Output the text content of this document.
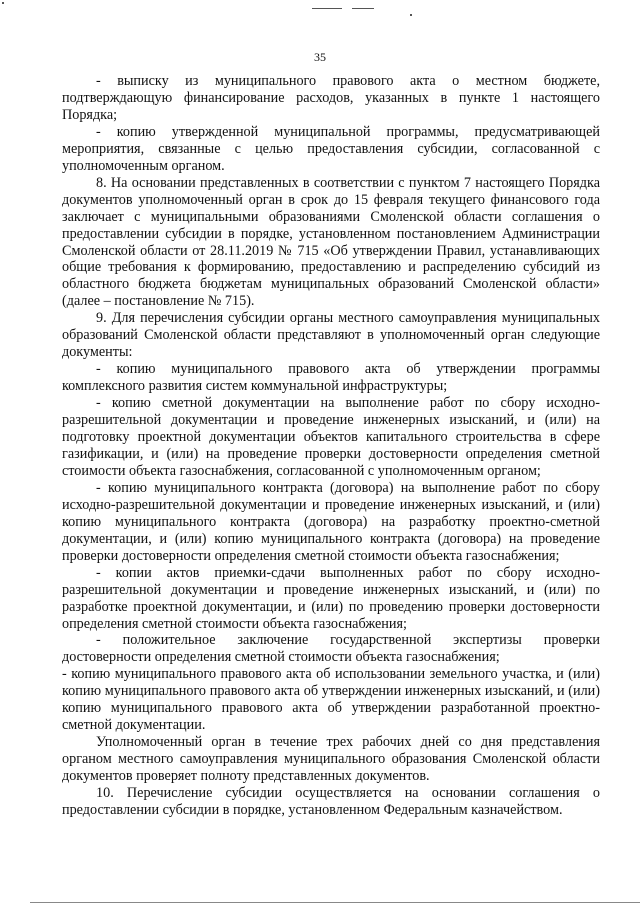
35

- выписку из муниципального правового акта о местном бюджете, подтверждающую финансирование расходов, указанных в пункте 1 настоящего Порядка;

- копию утвержденной муниципальной программы, предусматривающей мероприятия, связанные с целью предоставления субсидии, согласованной с уполномоченным органом.

8. На основании представленных в соответствии с пунктом 7 настоящего Порядка документов уполномоченный орган в срок до 15 февраля текущего финансового года заключает с муниципальными образованиями Смоленской области соглашения о предоставлении субсидии в порядке, установленном постановлением Администрации Смоленской области от 28.11.2019 № 715 «Об утверждении Правил, устанавливающих общие требования к формированию, предоставлению и распределению субсидий из областного бюджета бюджетам муниципальных образований Смоленской области» (далее – постановление № 715).

9. Для перечисления субсидии органы местного самоуправления муниципальных образований Смоленской области представляют в уполномоченный орган следующие документы:

- копию муниципального правового акта об утверждении программы комплексного развития систем коммунальной инфраструктуры;

- копию сметной документации на выполнение работ по сбору исходно-разрешительной документации и проведение инженерных изысканий, и (или) на подготовку проектной документации объектов капитального строительства в сфере газификации, и (или) на проведение проверки достоверности определения сметной стоимости объекта газоснабжения, согласованной с уполномоченным органом;

- копию муниципального контракта (договора) на выполнение работ по сбору исходно-разрешительной документации и проведение инженерных изысканий, и (или) копию муниципального контракта (договора) на разработку проектно-сметной документации, и (или) копию муниципального контракта (договора) на проведение проверки достоверности определения сметной стоимости объекта газоснабжения;

- копии актов приемки-сдачи выполненных работ по сбору исходно-разрешительной документации и проведение инженерных изысканий, и (или) по разработке проектной документации, и (или) по проведению проверки достоверности определения сметной стоимости объекта газоснабжения;

- положительное заключение государственной экспертизы проверки достоверности определения сметной стоимости объекта газоснабжения;

- копию муниципального правового акта об использовании земельного участка, и (или) копию муниципального правового акта об утверждении инженерных изысканий, и (или) копию муниципального правового акта об утверждении разработанной проектно-сметной документации.

Уполномоченный орган в течение трех рабочих дней со дня представления органом местного самоуправления муниципального образования Смоленской области документов проверяет полноту представленных документов.

10. Перечисление субсидии осуществляется на основании соглашения о предоставлении субсидии в порядке, установленном Федеральным казначейством.
